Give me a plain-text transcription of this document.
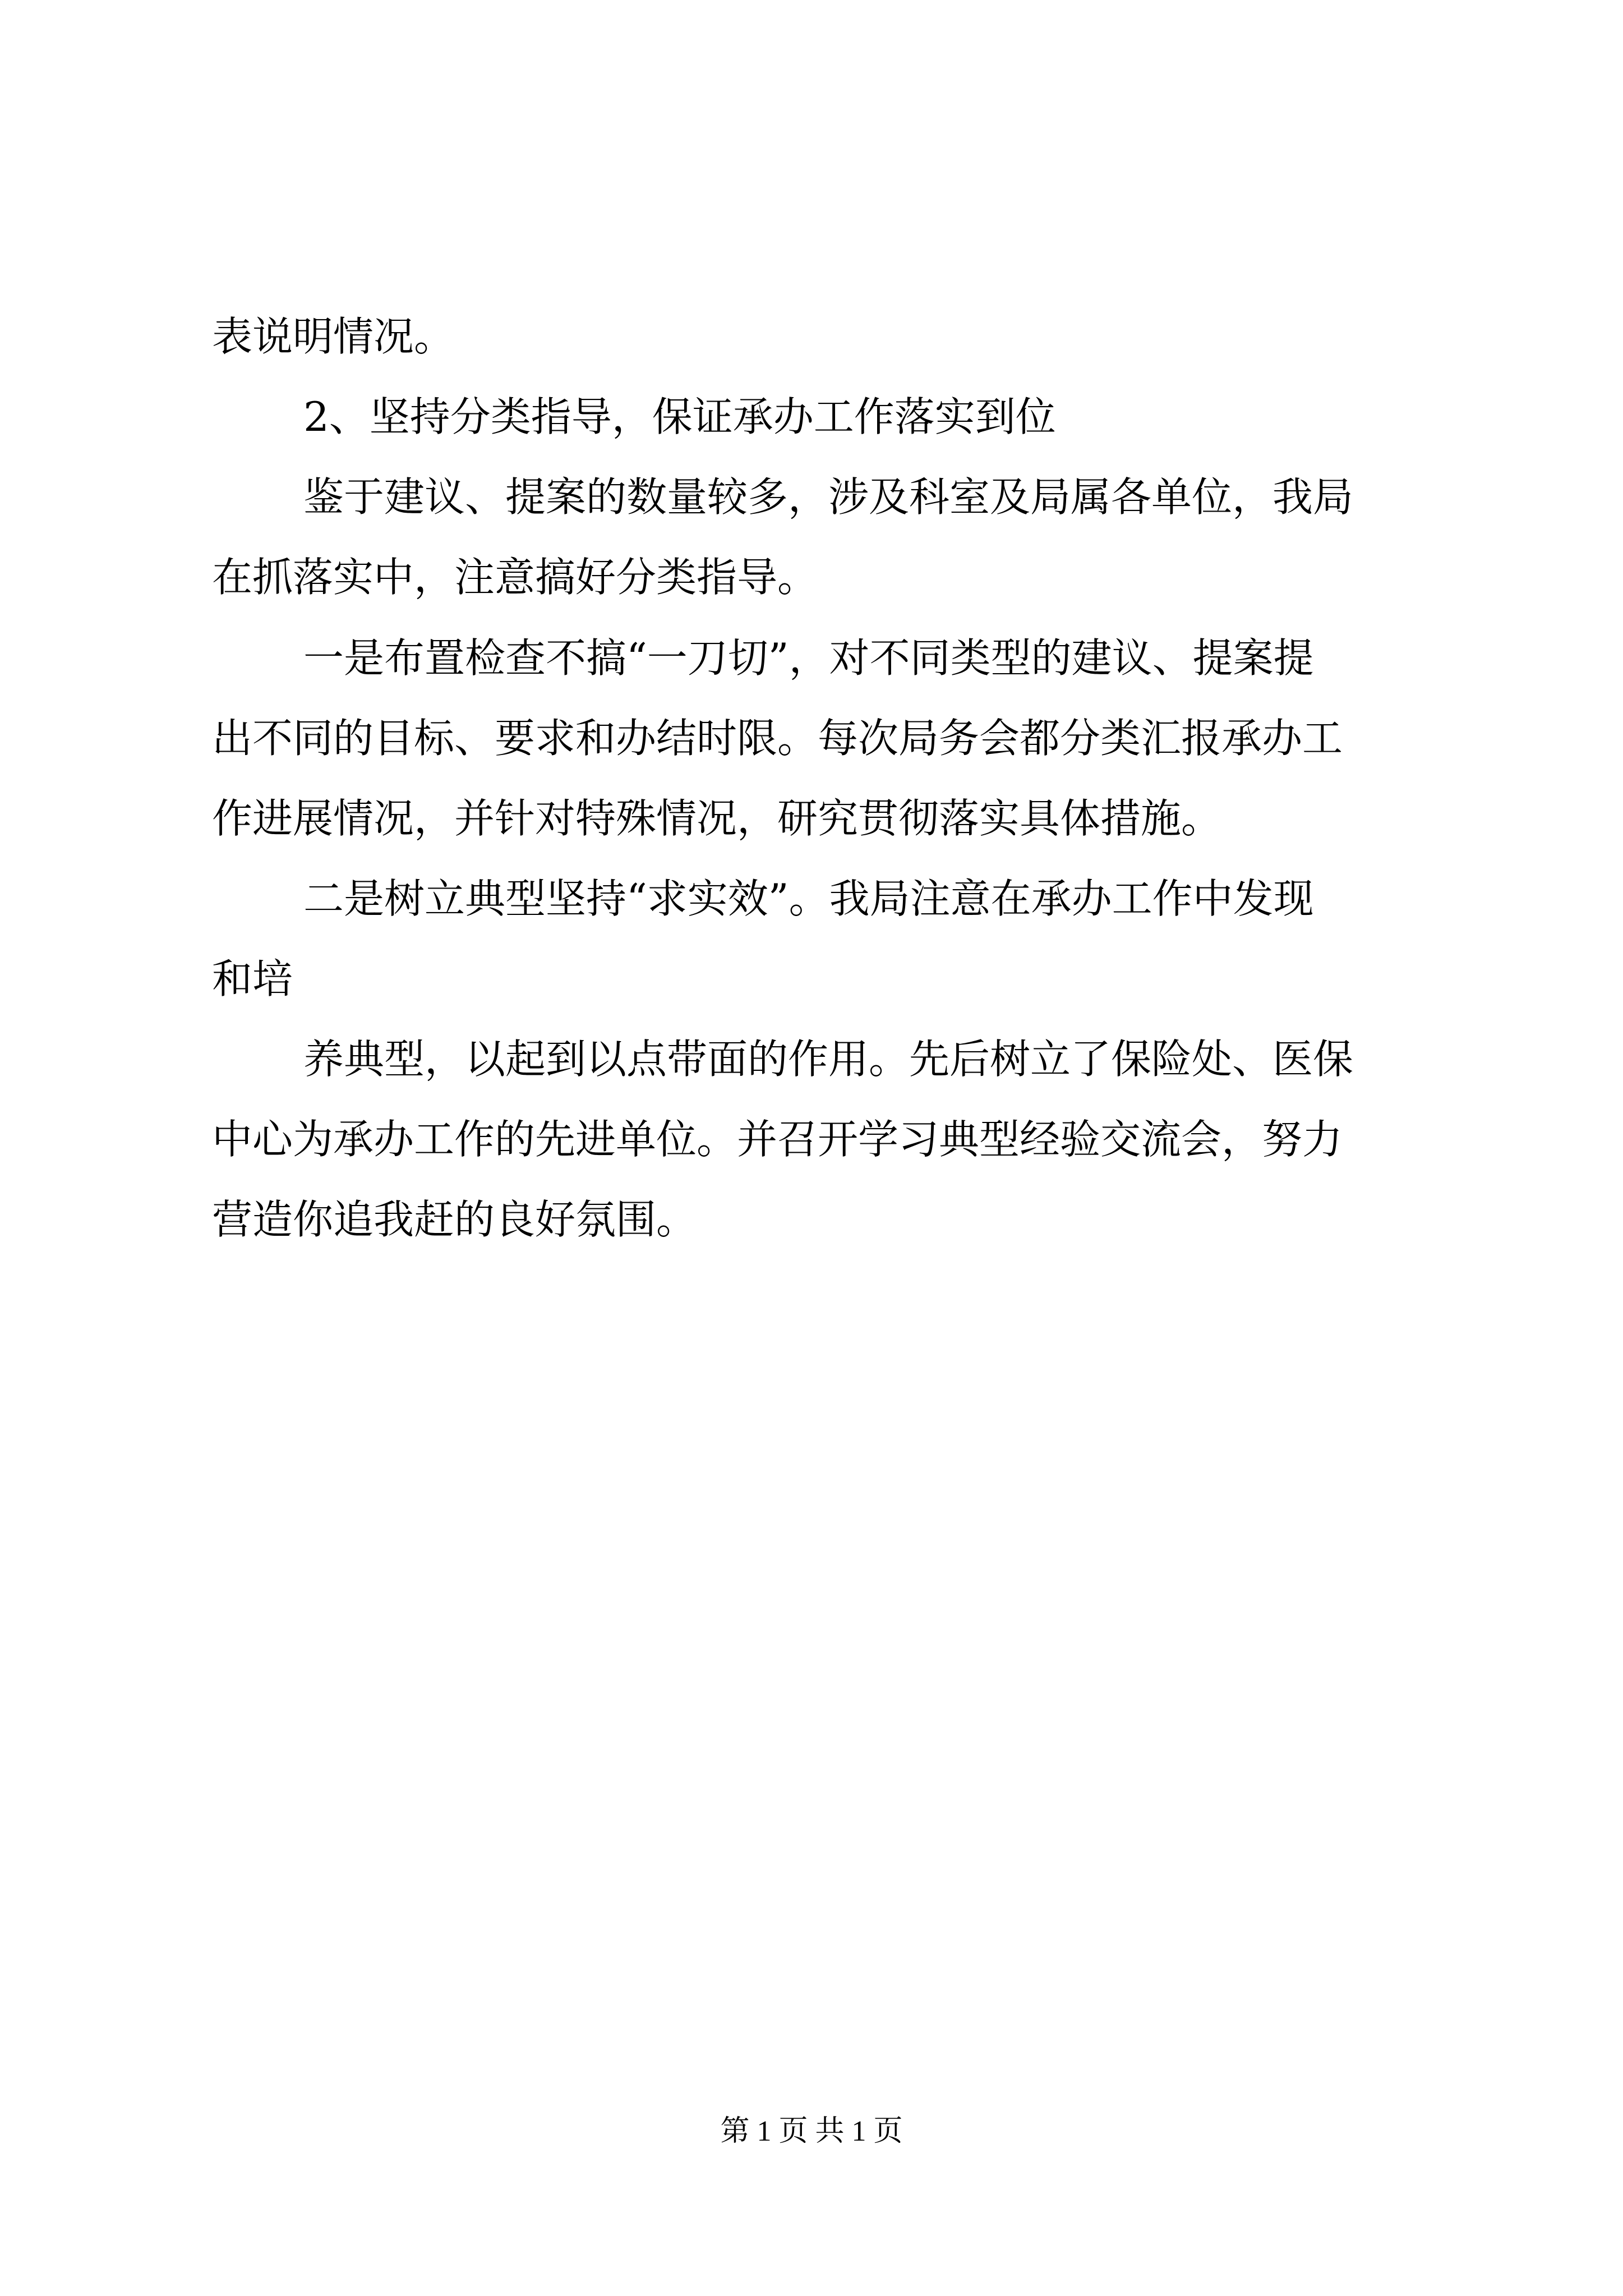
表说明情况。
2、坚持分类指导，保证承办工作落实到位
鉴于建议、提案的数量较多，涉及科室及局属各单位，我局
在抓落实中，注意搞好分类指导。
一是布置检查不搞“一刀切”，对不同类型的建议、提案提
出不同的目标、要求和办结时限。每次局务会都分类汇报承办工
作进展情况，并针对特殊情况，研究贯彻落实具体措施。
二是树立典型坚持“求实效”。我局注意在承办工作中发现
和培
养典型，以起到以点带面的作用。先后树立了保险处、医保
中心为承办工作的先进单位。并召开学习典型经验交流会，努力
营造你追我赶的良好氛围。
第 1 页 共 1 页
